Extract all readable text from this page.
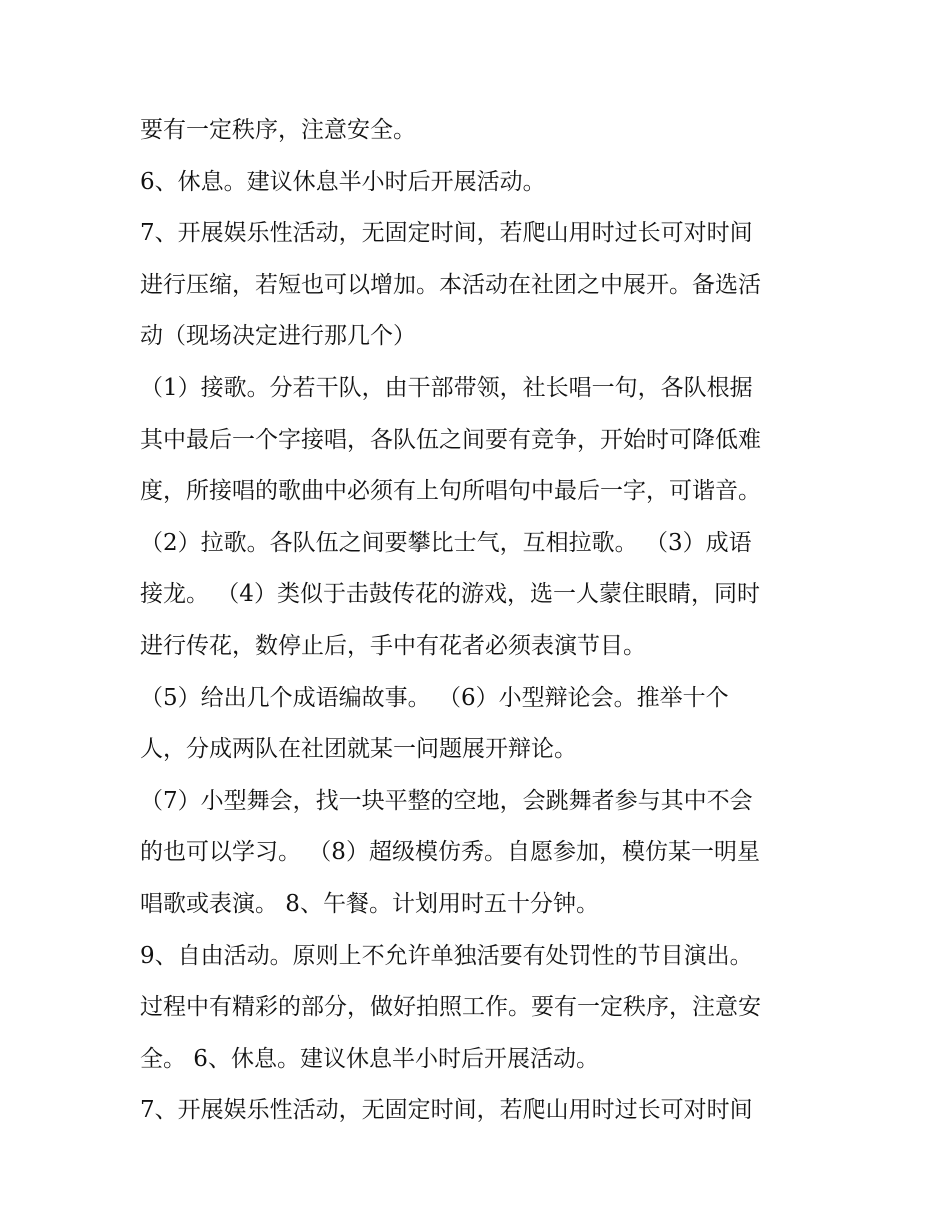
要有一定秩序，注意安全。
6、休息。建议休息半小时后开展活动。
7、开展娱乐性活动，无固定时间，若爬山用时过长可对时间
进行压缩，若短也可以增加。本活动在社团之中展开。备选活
动（现场决定进行那几个）
（1）接歌。分若干队，由干部带领，社长唱一句，各队根据
其中最后一个字接唱，各队伍之间要有竞争，开始时可降低难
度，所接唱的歌曲中必须有上句所唱句中最后一字，可谐音。
（2）拉歌。各队伍之间要攀比士气，互相拉歌。 （3）成语
接龙。 （4）类似于击鼓传花的游戏，选一人蒙住眼睛，同时
进行传花，数停止后，手中有花者必须表演节目。
（5）给出几个成语编故事。 （6）小型辩论会。推举十个
人，分成两队在社团就某一问题展开辩论。
（7）小型舞会，找一块平整的空地，会跳舞者参与其中不会
的也可以学习。 （8）超级模仿秀。自愿参加，模仿某一明星
唱歌或表演。 8、午餐。计划用时五十分钟。
9、自由活动。原则上不允许单独活要有处罚性的节目演出。
过程中有精彩的部分，做好拍照工作。要有一定秩序，注意安
全。 6、休息。建议休息半小时后开展活动。
7、开展娱乐性活动，无固定时间，若爬山用时过长可对时间
